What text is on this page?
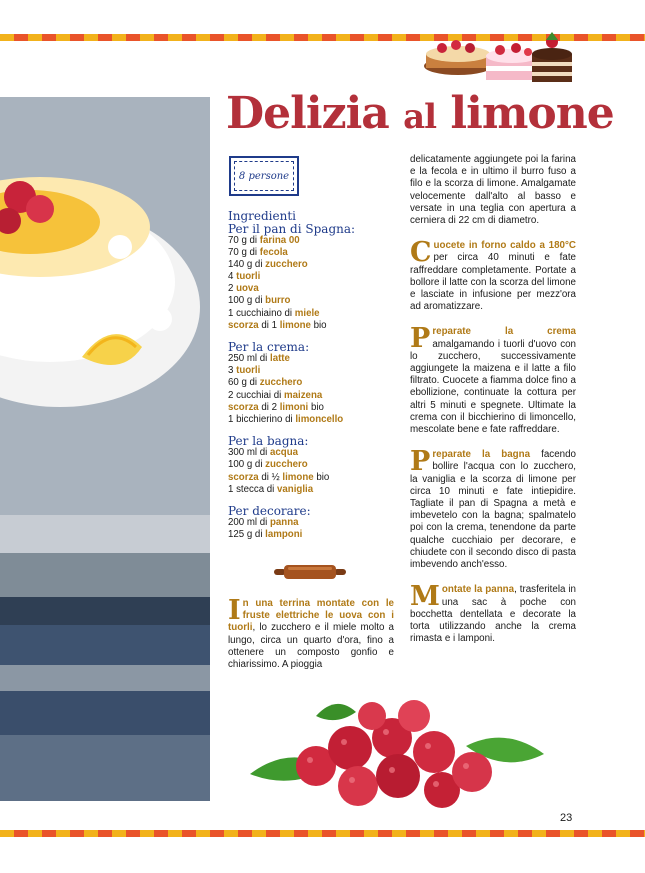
Delizia al limone
8 persone

Ingredienti

Per il pan di Spagna:

70 g di farina 00

70 g di fecola

140 g di zucchero

4 tuorli

2 uova

100 g di burro

1 cucchiaino di miele

scorza di 1 limone bio

Per la crema:

250 ml di latte

3 tuorli

60 g di zucchero

2 cucchiai di maizena

scorza di 2 limoni bio

1 bicchierino di limoncello

Per la bagna:

300 ml di acqua

100 g di zucchero

scorza di ½ limone bio

1 stecca di vaniglia

Per decorare:

200 ml di panna

125 g di lamponi

In una terrina montate con le fruste elettriche le uova con i tuorli, lo zucchero e il miele molto a lungo, circa un quarto d'ora, fino a ottenere un composto gonfio e chiarissimo. A pioggia

delicatamente aggiungete poi la farina e la fecola e in ultimo il burro fuso a filo e la scorza di limone. Amalgamate velocemente dall'alto al basso e versate in una teglia con apertura a cerniera di 22 cm di diametro.

Cuocete in forno caldo a 180°C per circa 40 minuti e fate raffreddare completamente. Portate a bollore il latte con la scorza del limone e lasciate in infusione per mezz'ora ad aromatizzare.

Preparate la crema amalgamando i tuorli d'uovo con lo zucchero, successivamente aggiungete la maizena e il latte a filo filtrato. Cuocete a fiamma dolce fino a ebollizione, continuate la cottura per altri 5 minuti e spegnete. Ultimate la crema con il bicchierino di limoncello, mescolate bene e fate raffreddare.

Preparate la bagna facendo bollire l'acqua con lo zucchero, la vaniglia e la scorza di limone per circa 10 minuti e fate intiepidire. Tagliate il pan di Spagna a metà e imbevetelo con la bagna; spalmatelo poi con la crema, tenendone da parte qualche cucchiaio per decorare, e chiudete con il secondo disco di pasta imbevendo anch'esso.

Montate la panna, trasferitela in una sac à poche con bocchetta dentellata e decorate la torta utilizzando anche la crema rimasta e i lamponi.

23
